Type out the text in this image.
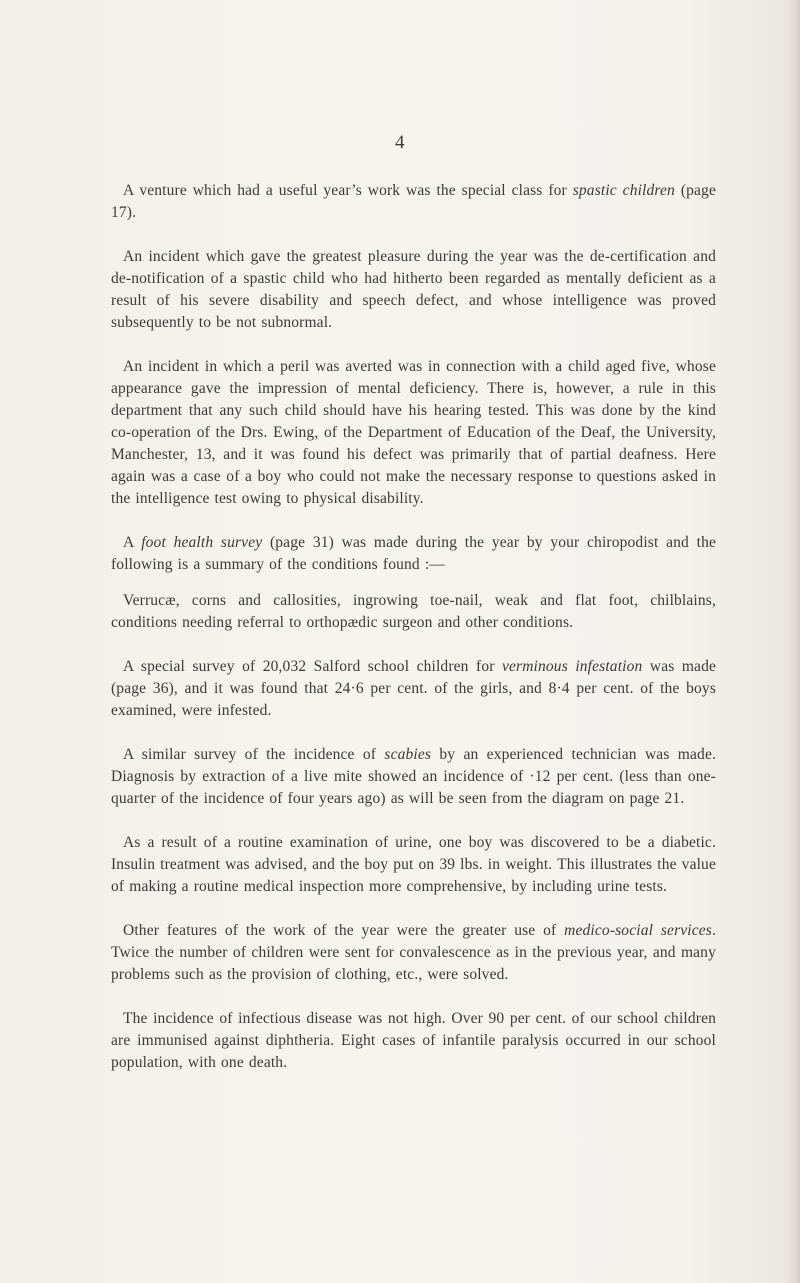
4

A venture which had a useful year’s work was the special class for spastic children (page 17).

An incident which gave the greatest pleasure during the year was the de-certification and de-notification of a spastic child who had hitherto been regarded as mentally deficient as a result of his severe disability and speech defect, and whose intelligence was proved subsequently to be not subnormal.

An incident in which a peril was averted was in connection with a child aged five, whose appearance gave the impression of mental deficiency. There is, however, a rule in this department that any such child should have his hearing tested. This was done by the kind co-operation of the Drs. Ewing, of the Department of Education of the Deaf, the University, Manchester, 13, and it was found his defect was primarily that of partial deafness. Here again was a case of a boy who could not make the necessary response to questions asked in the intelligence test owing to physical disability.

A foot health survey (page 31) was made during the year by your chiropodist and the following is a summary of the conditions found :—

Verrucæ, corns and callosities, ingrowing toe-nail, weak and flat foot, chilblains, conditions needing referral to orthopædic surgeon and other conditions.

A special survey of 20,032 Salford school children for verminous infestation was made (page 36), and it was found that 24·6 per cent. of the girls, and 8·4 per cent. of the boys examined, were infested.

A similar survey of the incidence of scabies by an experienced technician was made. Diagnosis by extraction of a live mite showed an incidence of ·12 per cent. (less than one-quarter of the incidence of four years ago) as will be seen from the diagram on page 21.

As a result of a routine examination of urine, one boy was discovered to be a diabetic. Insulin treatment was advised, and the boy put on 39 lbs. in weight. This illustrates the value of making a routine medical inspection more comprehensive, by including urine tests.

Other features of the work of the year were the greater use of medico-social services. Twice the number of children were sent for convalescence as in the previous year, and many problems such as the provision of clothing, etc., were solved.

The incidence of infectious disease was not high. Over 90 per cent. of our school children are immunised against diphtheria. Eight cases of infantile paralysis occurred in our school population, with one death.
